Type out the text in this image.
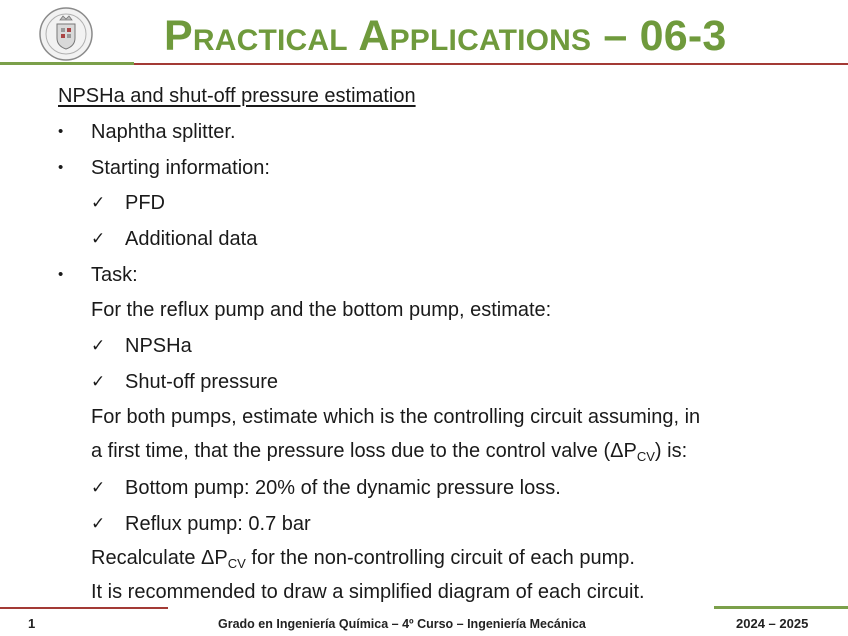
Practical Applications – 06-3
NPSHa and shut-off pressure estimation
• Naphtha splitter.
• Starting information:
✓ PFD
✓ Additional data
• Task:
For the reflux pump and the bottom pump, estimate:
✓ NPSHa
✓ Shut-off pressure
For both pumps, estimate which is the controlling circuit assuming, in
a first time, that the pressure loss due to the control valve $(\Delta P_{CV})$ is:
✓ Bottom pump: 20% of the dynamic pressure loss.
✓ Reflux pump: 0.7 bar
Recalculate $\Delta P_{CV}$ for the non-controlling circuit of each pump.
It is recommended to draw a simplified diagram of each circuit.
1	Grado en Ingeniería Química – 4º Curso – Ingeniería Mecánica	2024 – 2025
